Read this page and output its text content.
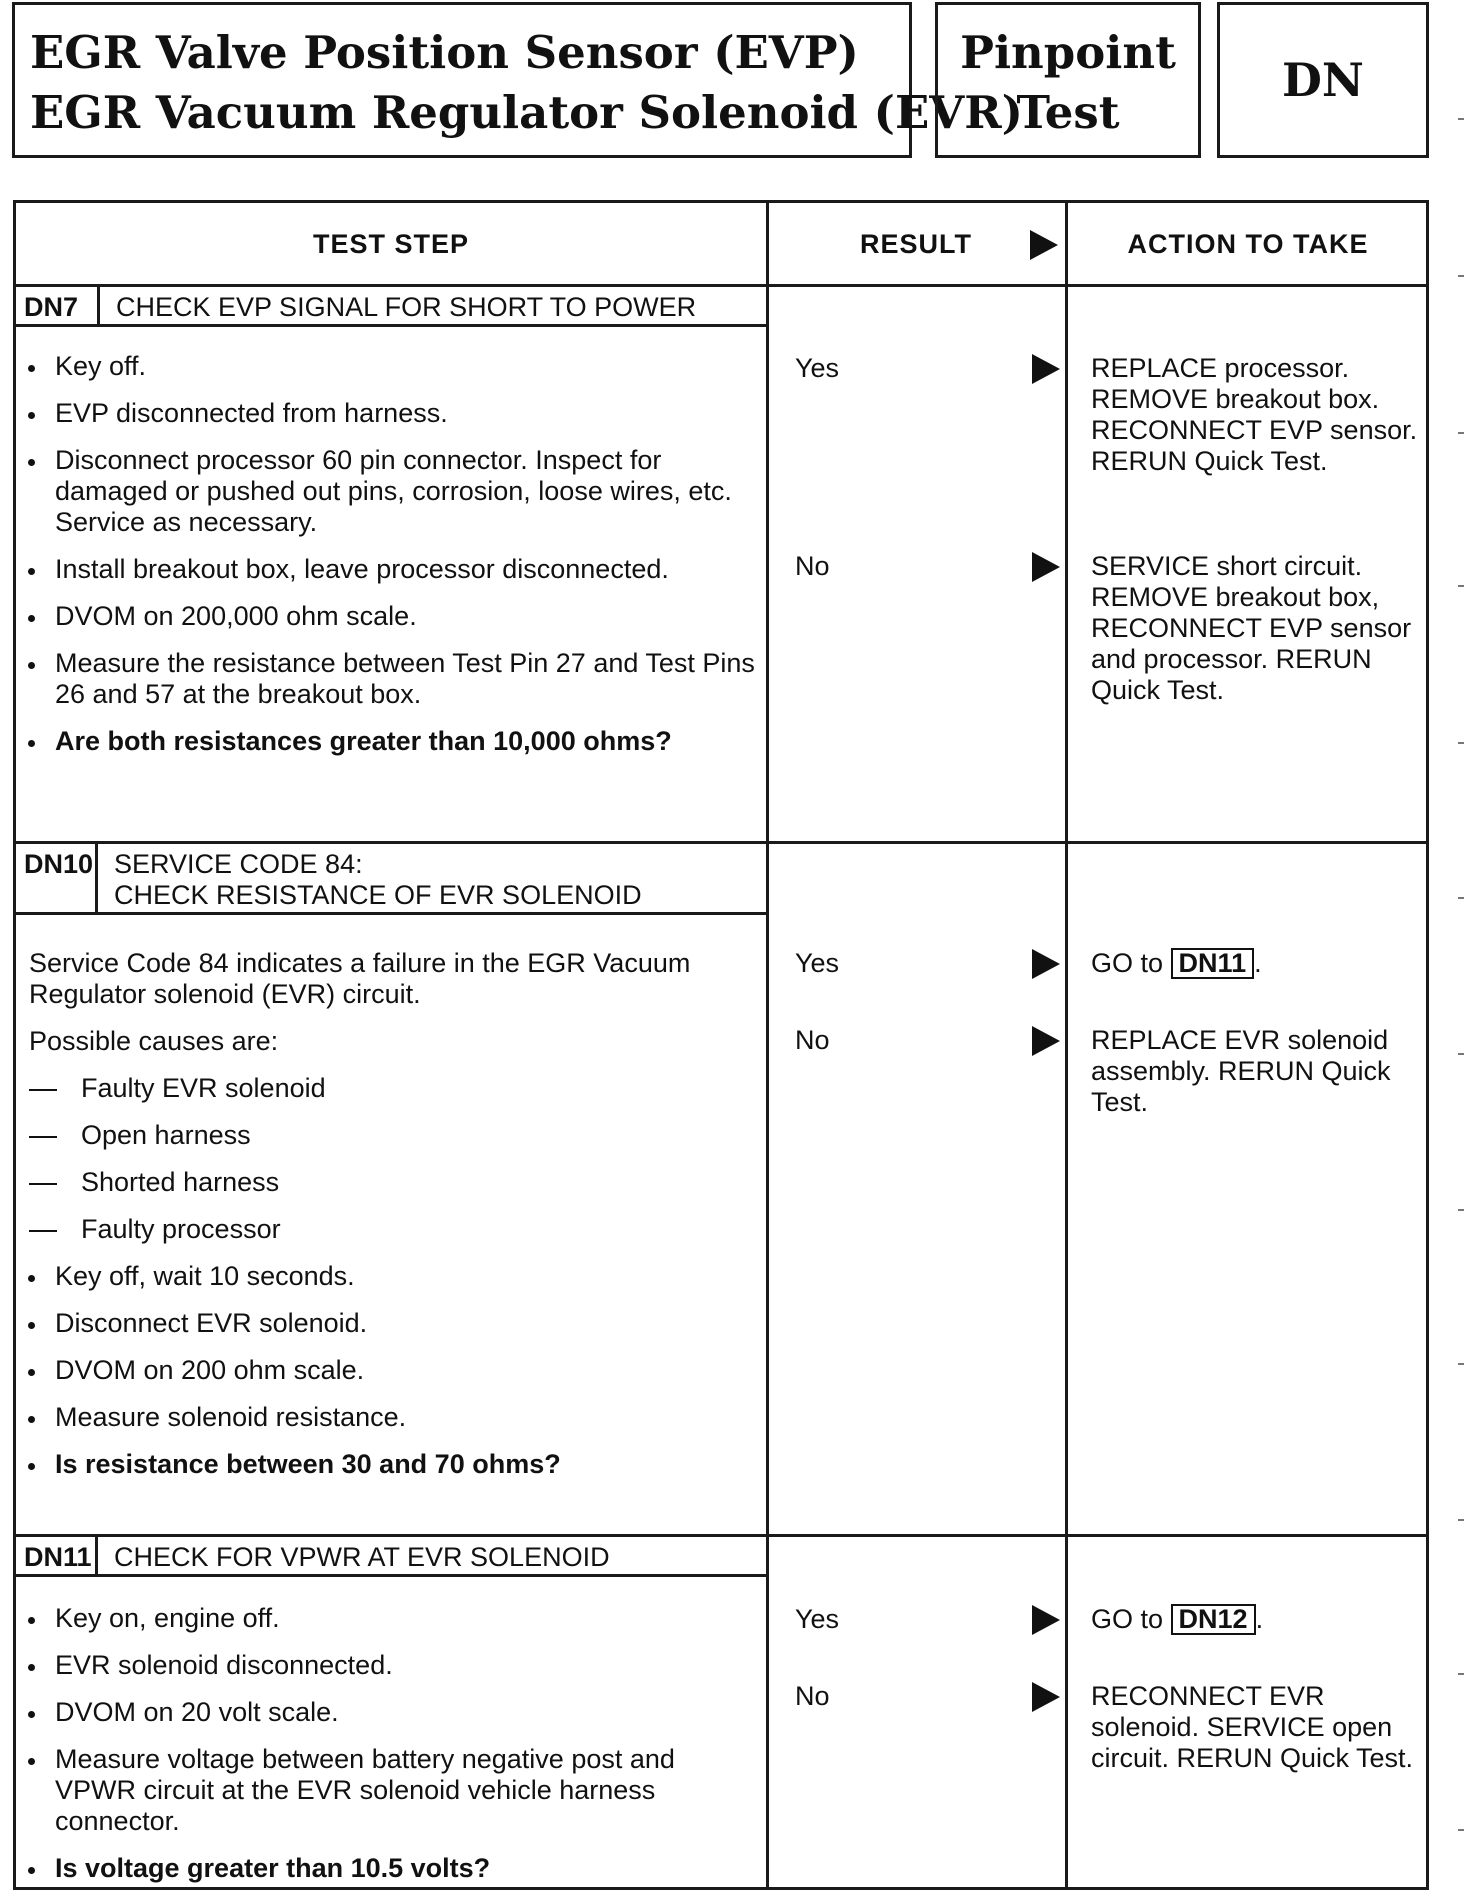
EGR Valve Position Sensor (EVP)
EGR Vacuum Regulator Solenoid (EVR)
Pinpoint
Test
DN
TEST STEP	RESULT	ACTION TO TAKE
DN7	CHECK EVP SIGNAL FOR SHORT TO POWER
Key off.
EVP disconnected from harness.
Disconnect processor 60 pin connector. Inspect for damaged or pushed out pins, corrosion, loose wires, etc. Service as necessary.
Install breakout box, leave processor disconnected.
DVOM on 200,000 ohm scale.
Measure the resistance between Test Pin 27 and Test Pins 26 and 57 at the breakout box.
Are both resistances greater than 10,000 ohms?
Yes	REPLACE processor. REMOVE breakout box. RECONNECT EVP sensor. RERUN Quick Test.
No	SERVICE short circuit. REMOVE breakout box, RECONNECT EVP sensor and processor. RERUN Quick Test.
DN10 SERVICE CODE 84:
CHECK RESISTANCE OF EVR SOLENOID
Service Code 84 indicates a failure in the EGR Vacuum Regulator solenoid (EVR) circuit.
Possible causes are:
Faulty EVR solenoid
Open harness
Shorted harness
Faulty processor
Key off, wait 10 seconds.
Disconnect EVR solenoid.
DVOM on 200 ohm scale.
Measure solenoid resistance.
Is resistance between 30 and 70 ohms?
Yes	GO to DN11 .
No	REPLACE EVR solenoid assembly. RERUN Quick Test.
DN11 CHECK FOR VPWR AT EVR SOLENOID
Key on, engine off.
EVR solenoid disconnected.
DVOM on 20 volt scale.
Measure voltage between battery negative post and VPWR circuit at the EVR solenoid vehicle harness connector.
Is voltage greater than 10.5 volts?
Yes	GO to DN12 .
No	RECONNECT EVR solenoid. SERVICE open circuit. RERUN Quick Test.
